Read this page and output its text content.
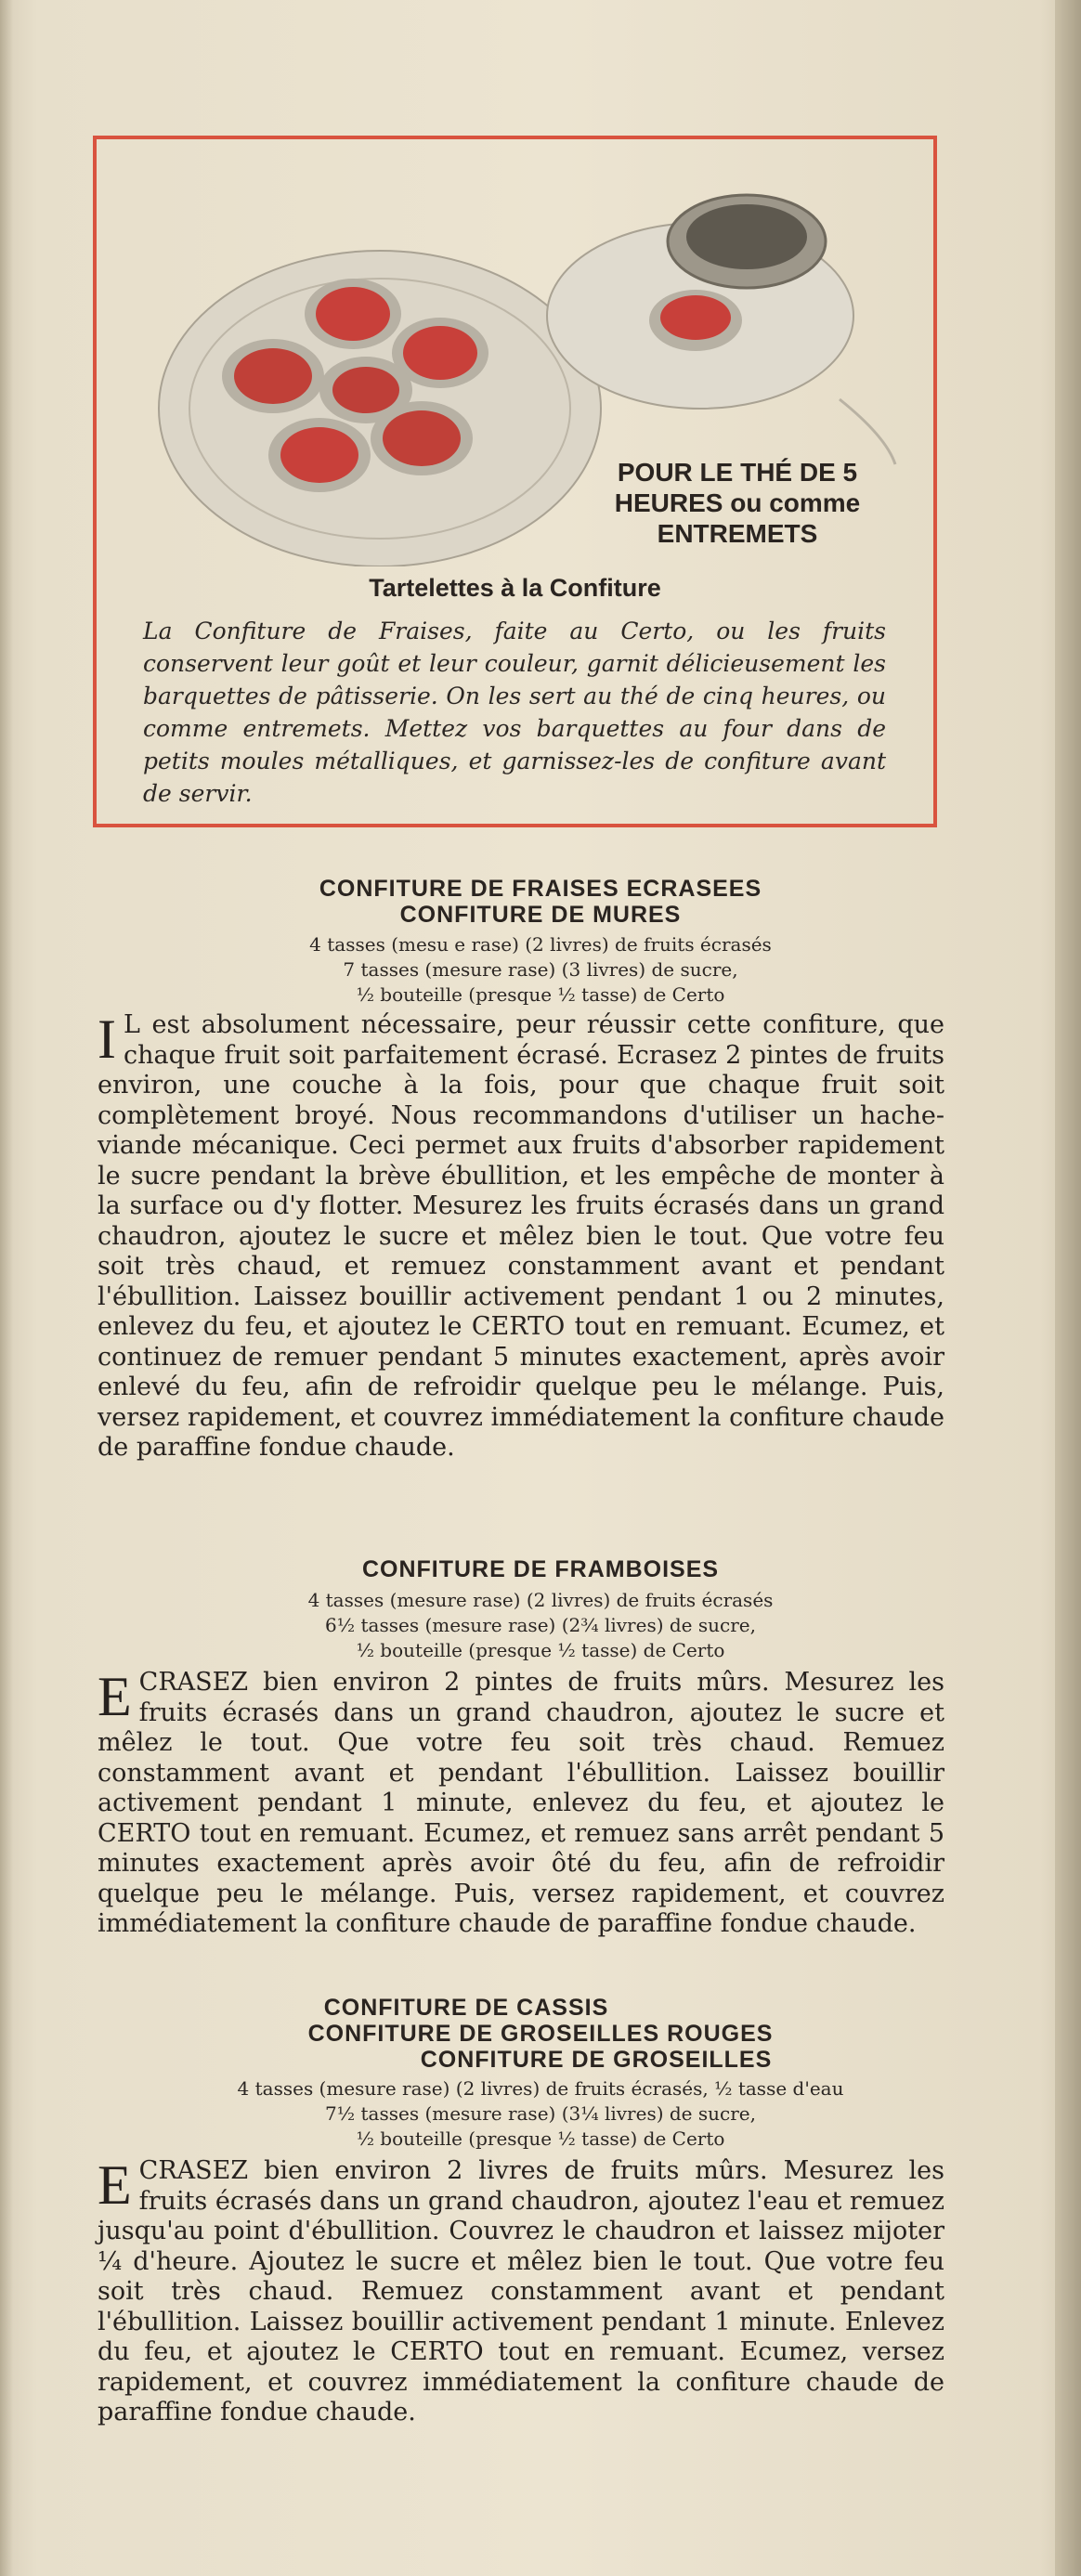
POUR LE THÉ DE 5
HEURES ou comme
ENTREMETS
Tartelettes à la Confiture
La Confiture de Fraises, faite au Certo, ou les fruits conservent leur goût et leur couleur, garnit délicieusement les barquettes de pâtisserie. On les sert au thé de cinq heures, ou comme entremets. Mettez vos barquettes au four dans de petits moules métalliques, et garnissez-les de confiture avant de servir.
CONFITURE DE FRAISES ECRASEES
CONFITURE DE MURES
4 tasses (mesu e rase) (2 livres) de fruits écrasés
7 tasses (mesure rase) (3 livres) de sucre,
½ bouteille (presque ½ tasse) de Certo
I L est absolument nécessaire, peur réussir cette confiture, que chaque fruit soit parfaitement écrasé. Ecrasez 2 pintes de fruits environ, une couche à la fois, pour que chaque fruit soit complètement broyé. Nous recommandons d'utiliser un hache-viande mécanique. Ceci permet aux fruits d'absorber rapidement le sucre pendant la brève ébullition, et les empêche de monter à la surface ou d'y flotter. Mesurez les fruits écrasés dans un grand chaudron, ajoutez le sucre et mêlez bien le tout. Que votre feu soit très chaud, et remuez constamment avant et pendant l'ébullition. Laissez bouillir activement pendant 1 ou 2 minutes, enlevez du feu, et ajoutez le CERTO tout en remuant. Ecumez, et continuez de remuer pendant 5 minutes exactement, après avoir enlevé du feu, afin de refroidir quelque peu le mélange. Puis, versez rapidement, et couvrez immédiatement la confiture chaude de paraffine fondue chaude.
CONFITURE DE FRAMBOISES
4 tasses (mesure rase) (2 livres) de fruits écrasés
6½ tasses (mesure rase) (2¾ livres) de sucre,
½ bouteille (presque ½ tasse) de Certo
ECRASEZ bien environ 2 pintes de fruits mûrs. Mesurez les fruits écrasés dans un grand chaudron, ajoutez le sucre et mêlez le tout. Que votre feu soit très chaud. Remuez constamment avant et pendant l'ébullition. Laissez bouillir activement pendant 1 minute, enlevez du feu, et ajoutez le CERTO tout en remuant. Ecumez, et remuez sans arrêt pendant 5 minutes exactement après avoir ôté du feu, afin de refroidir quelque peu le mélange. Puis, versez rapidement, et couvrez immédiatement la confiture chaude de paraffine fondue chaude.
CONFITURE DE CASSIS
CONFITURE DE GROSEILLES ROUGES
CONFITURE DE GROSEILLES
4 tasses (mesure rase) (2 livres) de fruits écrasés, ½ tasse d'eau
7½ tasses (mesure rase) (3¼ livres) de sucre,
½ bouteille (presque ½ tasse) de Certo
ECRASEZ bien environ 2 livres de fruits mûrs. Mesurez les fruits écrasés dans un grand chaudron, ajoutez l'eau et remuez jusqu'au point d'ébullition. Couvrez le chaudron et laissez mijoter ¼ d'heure. Ajoutez le sucre et mêlez bien le tout. Que votre feu soit très chaud. Remuez constamment avant et pendant l'ébullition. Laissez bouillir activement pendant 1 minute. Enlevez du feu, et ajoutez le CERTO tout en remuant. Ecumez, versez rapidement, et couvrez immédiatement la confiture chaude de paraffine fondue chaude.
